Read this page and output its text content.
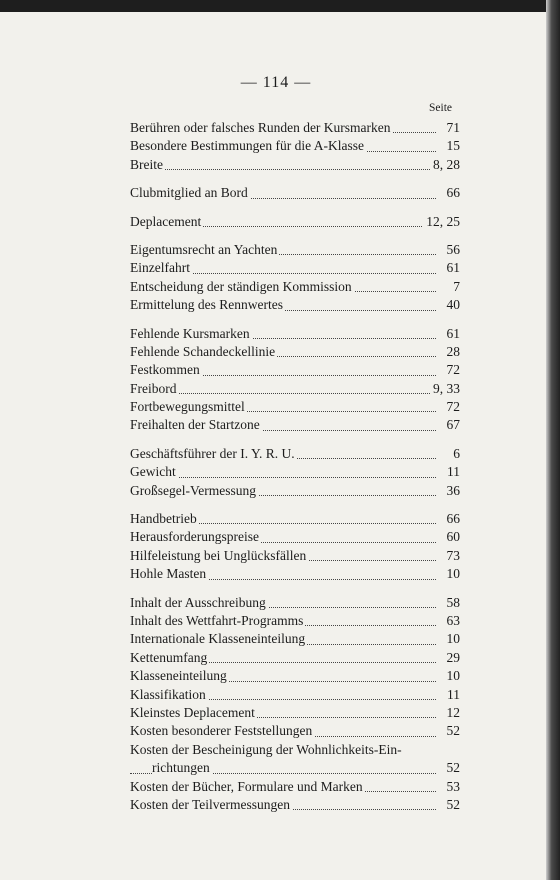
— 114 —
Seite
Berühren oder falsches Runden der Kursmarken	71
Besondere Bestimmungen für die A-Klasse	15
Breite	8, 28
Clubmitglied an Bord	66
Deplacement	12, 25
Eigentumsrecht an Yachten	56
Einzelfahrt	61
Entscheidung der ständigen Kommission	7
Ermittelung des Rennwertes	40
Fehlende Kursmarken	61
Fehlende Schandeckellinie	28
Festkommen	72
Freibord	9, 33
Fortbewegungsmittel	72
Freihalten der Startzone	67
Geschäftsführer der I. Y. R. U.	6
Gewicht	11
Großsegel-Vermessung	36
Handbetrieb	66
Herausforderungspreise	60
Hilfeleistung bei Unglücksfällen	73
Hohle Masten	10
Inhalt der Ausschreibung	58
Inhalt des Wettfahrt-Programms	63
Internationale Klasseneinteilung	10
Kettenumfang	29
Klasseneinteilung	10
Klassifikation	11
Kleinstes Deplacement	12
Kosten besonderer Feststellungen	52
Kosten der Bescheinigung der Wohnlichkeits-Ein-
richtungen	52
Kosten der Bücher, Formulare und Marken	53
Kosten der Teilvermessungen	52
